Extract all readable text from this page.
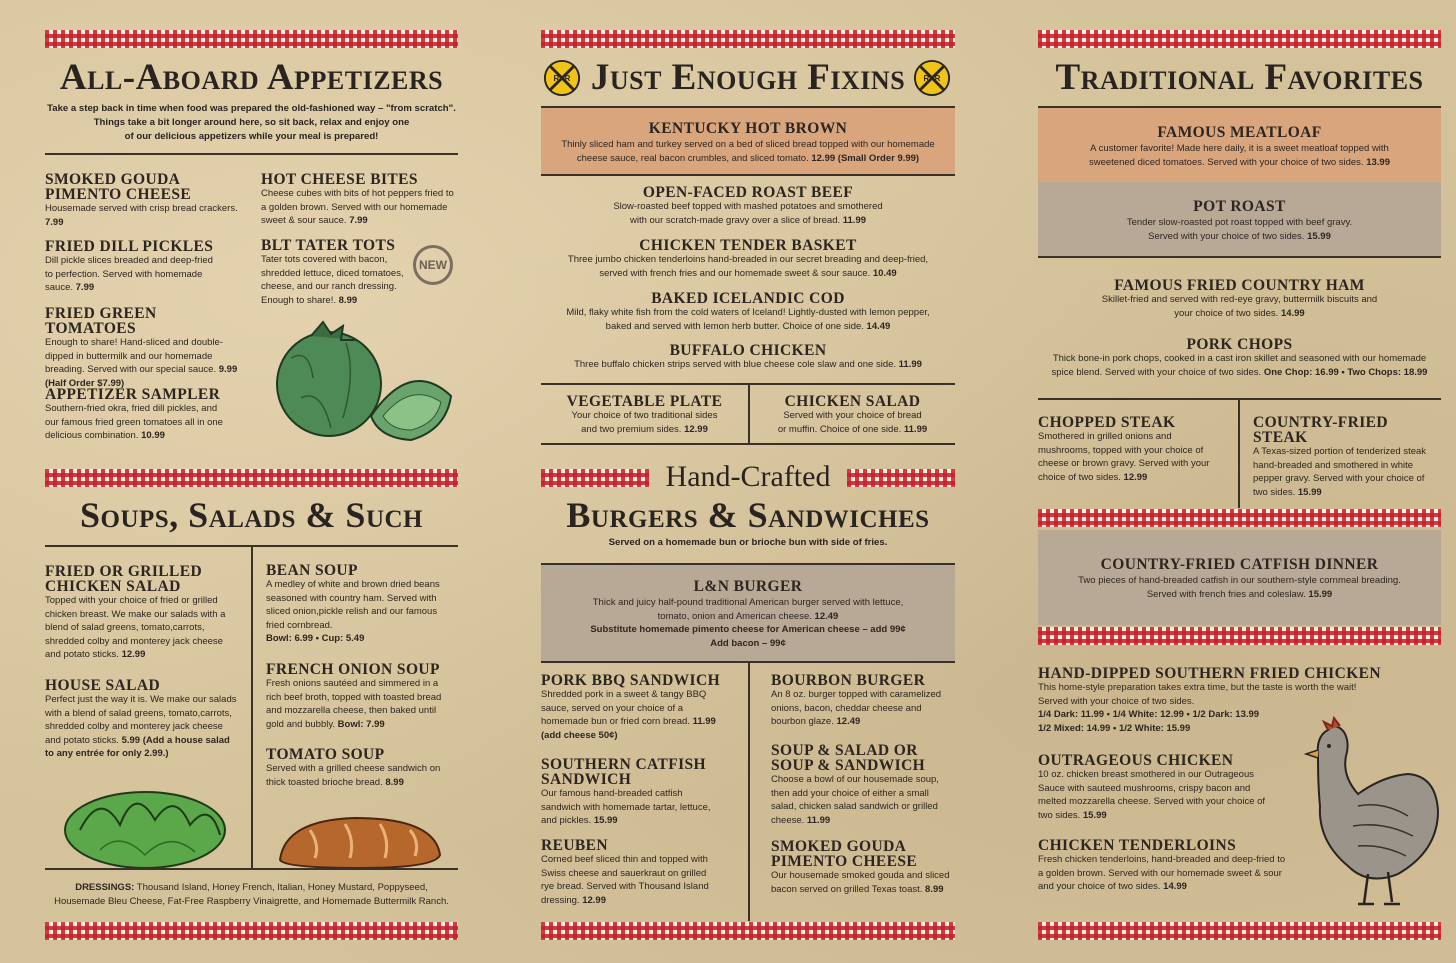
All-Aboard Appetizers
Take a step back in time when food was prepared the old-fashioned way – "from scratch".
Things take a bit longer around here, so sit back, relax and enjoy one
of our delicious appetizers while your meal is prepared!
SMOKED GOUDA PIMENTO CHEESE
Housemade served with crisp bread crackers.
7.99
HOT CHEESE BITES
Cheese cubes with bits of hot peppers fried to a golden brown. Served with our homemade sweet & sour sauce. 7.99
FRIED DILL PICKLES
Dill pickle slices breaded and deep-fried to perfection. Served with homemade sauce. 7.99
BLT TATER TOTS
Tater tots covered with bacon, shredded lettuce, diced tomatoes, cheese, and our ranch dressing. Enough to share!. 8.99
NEW
FRIED GREEN TOMATOES
Enough to share! Hand-sliced and double-dipped in buttermilk and our homemade breading. Served with our special sauce. 9.99
(Half Order $7.99)
APPETIZER SAMPLER
Southern-fried okra, fried dill pickles, and our famous fried green tomatoes all in one delicious combination. 10.99
Soups, Salads & Such
FRIED OR GRILLED CHICKEN SALAD
Topped with your choice of fried or grilled chicken breast. We make our salads with a blend of salad greens, tomato,carrots, shredded colby and monterey jack cheese and potato sticks. 12.99
BEAN SOUP
A medley of white and brown dried beans seasoned with country ham. Served with sliced onion,pickle relish and our famous fried cornbread.
Bowl: 6.99 • Cup: 5.49
HOUSE SALAD
Perfect just the way it is. We make our salads with a blend of salad greens, tomato,carrots, shredded colby and monterey jack cheese and potato sticks. 5.99 (Add a house salad to any entrée for only 2.99.)
FRENCH ONION SOUP
Fresh onions sautéed and simmered in a rich beef broth, topped with toasted bread and mozzarella cheese, then baked until gold and bubbly. Bowl: 7.99
TOMATO SOUP
Served with a grilled cheese sandwich on thick toasted brioche bread. 8.99
DRESSINGS: Thousand Island, Honey French, Italian, Honey Mustard, Poppyseed,
Housemade Bleu Cheese, Fat-Free Raspberry Vinaigrette, and Homemade Buttermilk Ranch.
RXR	RXR
Just Enough Fixins
KENTUCKY HOT BROWN
Thinly sliced ham and turkey served on a bed of sliced bread topped with our homemade
cheese sauce, real bacon crumbles, and sliced tomato. 12.99 (Small Order 9.99)
OPEN-FACED ROAST BEEF
Slow-roasted beef topped with mashed potatoes and smothered
with our scratch-made gravy over a slice of bread. 11.99
CHICKEN TENDER BASKET
Three jumbo chicken tenderloins hand-breaded in our secret breading and deep-fried,
served with french fries and our homemade sweet & sour sauce. 10.49
BAKED ICELANDIC COD
Mild, flaky white fish from the cold waters of Iceland! Lightly-dusted with lemon pepper,
baked and served with lemon herb butter. Choice of one side. 14.49
BUFFALO CHICKEN
Three buffalo chicken strips served with blue cheese cole slaw and one side. 11.99
VEGETABLE PLATE
Your choice of two traditional sides
and two premium sides. 12.99
CHICKEN SALAD
Served with your choice of bread
or muffin. Choice of one side. 11.99
Hand-Crafted
Burgers & Sandwiches
Served on a homemade bun or brioche bun with side of fries.
L&N BURGER
Thick and juicy half-pound traditional American burger served with lettuce,
tomato, onion and American cheese. 12.49
Substitute homemade pimento cheese for American cheese – add 99¢
Add bacon – 99¢
PORK BBQ SANDWICH
Shredded pork in a sweet & tangy BBQ sauce, served on your choice of a homemade bun or fried corn bread. 11.99
(add cheese 50¢)
BOURBON BURGER
An 8 oz. burger topped with caramelized onions, bacon, cheddar cheese and bourbon glaze. 12.49
SOUTHERN CATFISH SANDWICH
Our famous hand-breaded catfish sandwich with homemade tartar, lettuce, and pickles. 15.99
SOUP & SALAD OR SOUP & SANDWICH
Choose a bowl of our housemade soup, then add your choice of either a small salad, chicken salad sandwich or grilled cheese. 11.99
REUBEN
Corned beef sliced thin and topped with Swiss cheese and sauerkraut on grilled rye bread. Served with Thousand Island dressing. 12.99
SMOKED GOUDA PIMENTO CHEESE
Our housemade smoked gouda and sliced bacon served on grilled Texas toast. 8.99
Traditional Favorites
FAMOUS MEATLOAF
A customer favorite! Made here daily, it is a sweet meatloaf topped with
sweetened diced tomatoes. Served with your choice of two sides. 13.99
POT ROAST
Tender slow-roasted pot roast topped with beef gravy.
Served with your choice of two sides. 15.99
FAMOUS FRIED COUNTRY HAM
Skillet-fried and served with red-eye gravy, buttermilk biscuits and
your choice of two sides. 14.99
PORK CHOPS
Thick bone-in pork chops, cooked in a cast iron skillet and seasoned with our homemade
spice blend. Served with your choice of two sides. One Chop: 16.99 • Two Chops: 18.99
CHOPPED STEAK
Smothered in grilled onions and mushrooms, topped with your choice of cheese or brown gravy. Served with your choice of two sides. 12.99
COUNTRY-FRIED STEAK
A Texas-sized portion of tenderized steak hand-breaded and smothered in white pepper gravy. Served with your choice of two sides. 15.99
COUNTRY-FRIED CATFISH DINNER
Two pieces of hand-breaded catfish in our southern-style cornmeal breading.
Served with french fries and coleslaw. 15.99
HAND-DIPPED SOUTHERN FRIED CHICKEN
This home-style preparation takes extra time, but the taste is worth the wait!
Served with your choice of two sides.
1/4 Dark: 11.99 • 1/4 White: 12.99 • 1/2 Dark: 13.99
1/2 Mixed: 14.99 • 1/2 White: 15.99
OUTRAGEOUS CHICKEN
10 oz. chicken breast smothered in our Outrageous Sauce with sauteed mushrooms, crispy bacon and melted mozzarella cheese. Served with your choice of two sides. 15.99
CHICKEN TENDERLOINS
Fresh chicken tenderloins, hand-breaded and deep-fried to a golden brown. Served with our homemade sweet & sour and your choice of two sides. 14.99
